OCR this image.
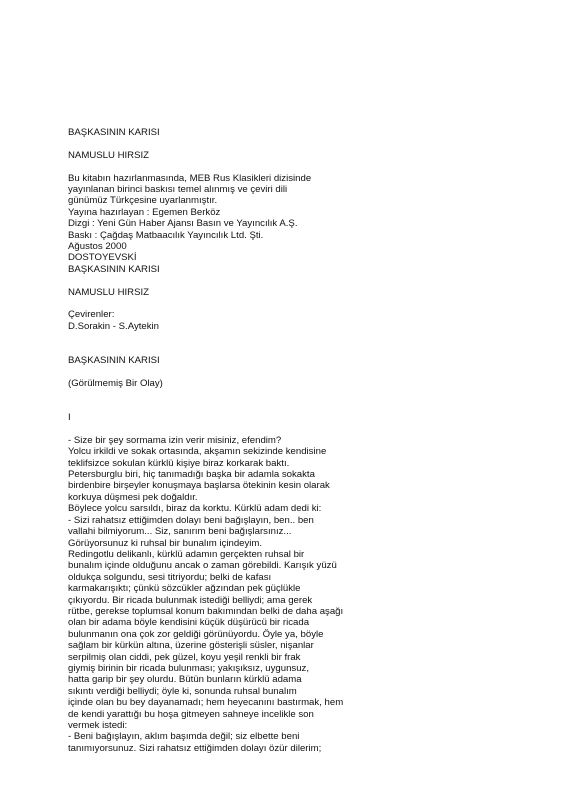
BAŞKASININ KARISI
NAMUSLU HIRSIZ
Bu kitabın hazırlanmasında, MEB Rus Klasikleri dizisinde
yayınlanan birinci baskısı temel alınmış ve çeviri dili
günümüz Türkçesine uyarlanmıştır.
Yayına hazırlayan : Egemen Berköz
Dizgi : Yeni Gün Haber Ajansı Basın ve Yayıncılık A.Ş.
Baskı : Çağdaş Matbaacılık Yayıncılık Ltd. Şti.
Ağustos 2000
DOSTOYEVSKİ
BAŞKASININ KARISI
NAMUSLU HIRSIZ
Çevirenler:
D.Sorakin - S.Aytekin
BAŞKASININ KARISI
(Görülmemiş Bir Olay)
I
- Size bir şey sormama izin verir misiniz, efendim?
Yolcu irkildi ve sokak ortasında, akşamın sekizinde kendisine
teklifsizce sokulan kürklü kişiye biraz korkarak baktı.
Petersburglu biri, hiç tanımadığı başka bir adamla sokakta
birdenbire birşeyler konuşmaya başlarsa ötekinin kesin olarak
korkuya düşmesi pek doğaldır.
Böylece yolcu sarsıldı, biraz da korktu. Kürklü adam dedi ki:
- Sizi rahatsız ettiğimden dolayı beni bağışlayın, ben.. ben
vallahi bilmiyorum... Siz, sanırım beni bağışlarsınız...
Görüyorsunuz ki ruhsal bir bunalım içindeyim.
Redingotlu delikanlı, kürklü adamın gerçekten ruhsal bir
bunalım içinde olduğunu ancak o zaman görebildi. Karışık yüzü
oldukça solgundu, sesi titriyordu; belki de kafası
karmakarışıktı; çünkü sözcükler ağzından pek güçlükle
çıkıyordu. Bir ricada bulunmak istediği belliydi; ama gerek
rütbe, gerekse toplumsal konum bakımından belki de daha aşağı
olan bir adama böyle kendisini küçük düşürücü bir ricada
bulunmanın ona çok zor geldiği görünüyordu. Öyle ya, böyle
sağlam bir kürkün altına, üzerine gösterişli süsler, nişanlar
serpilmiş olan ciddi, pek güzel, koyu yeşil renkli bir frak
giymiş birinin bir ricada bulunması; yakışıksız, uygunsuz,
hatta garip bir şey olurdu. Bütün bunların kürklü adama
sıkıntı verdiği belliydi; öyle ki, sonunda ruhsal bunalım
içinde olan bu bey dayanamadı; hem heyecanını bastırmak, hem
de kendi yarattığı bu hoşa gitmeyen sahneye incelikle son
vermek istedi:
- Beni bağışlayın, aklım başımda değil; siz elbette beni
tanımıyorsunuz. Sizi rahatsız ettiğimden dolayı özür dilerim;
